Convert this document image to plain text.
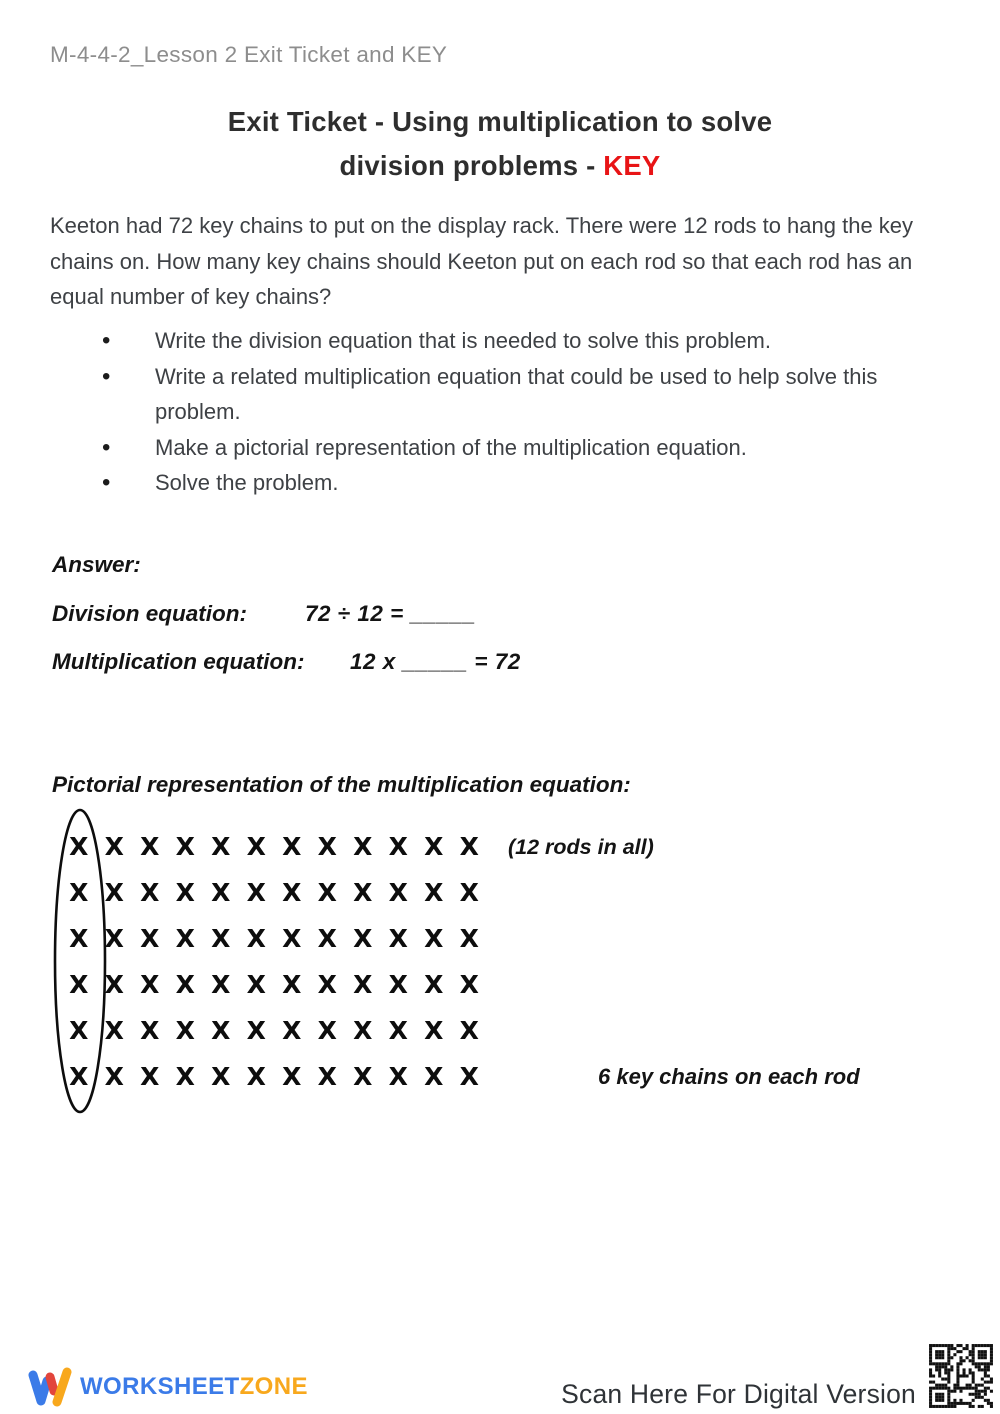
M-4-4-2_Lesson 2 Exit Ticket and KEY
Exit Ticket - Using multiplication to solve
division problems - KEY
Keeton had 72 key chains to put on the display rack. There were 12 rods to hang the key chains on. How many key chains should Keeton put on each rod so that each rod has an equal number of key chains?
• Write the division equation that is needed to solve this problem.
• Write a related multiplication equation that could be used to help solve this problem.
• Make a pictorial representation of the multiplication equation.
• Solve the problem.
Answer:
Division equation:	72 ÷ 12 = _____
Multiplication equation: 12 x _____ = 72
Pictorial representation of the multiplication equation:
X X X X X X X X X X X X
X X X X X X X X X X X X
X X X X X X X X X X X X
X X X X X X X X X X X X
X X X X X X X X X X X X
X X X X X X X X X X X X
(12 rods in all)
6 key chains on each rod
WORKSHEETZONE	Scan Here For Digital Version
